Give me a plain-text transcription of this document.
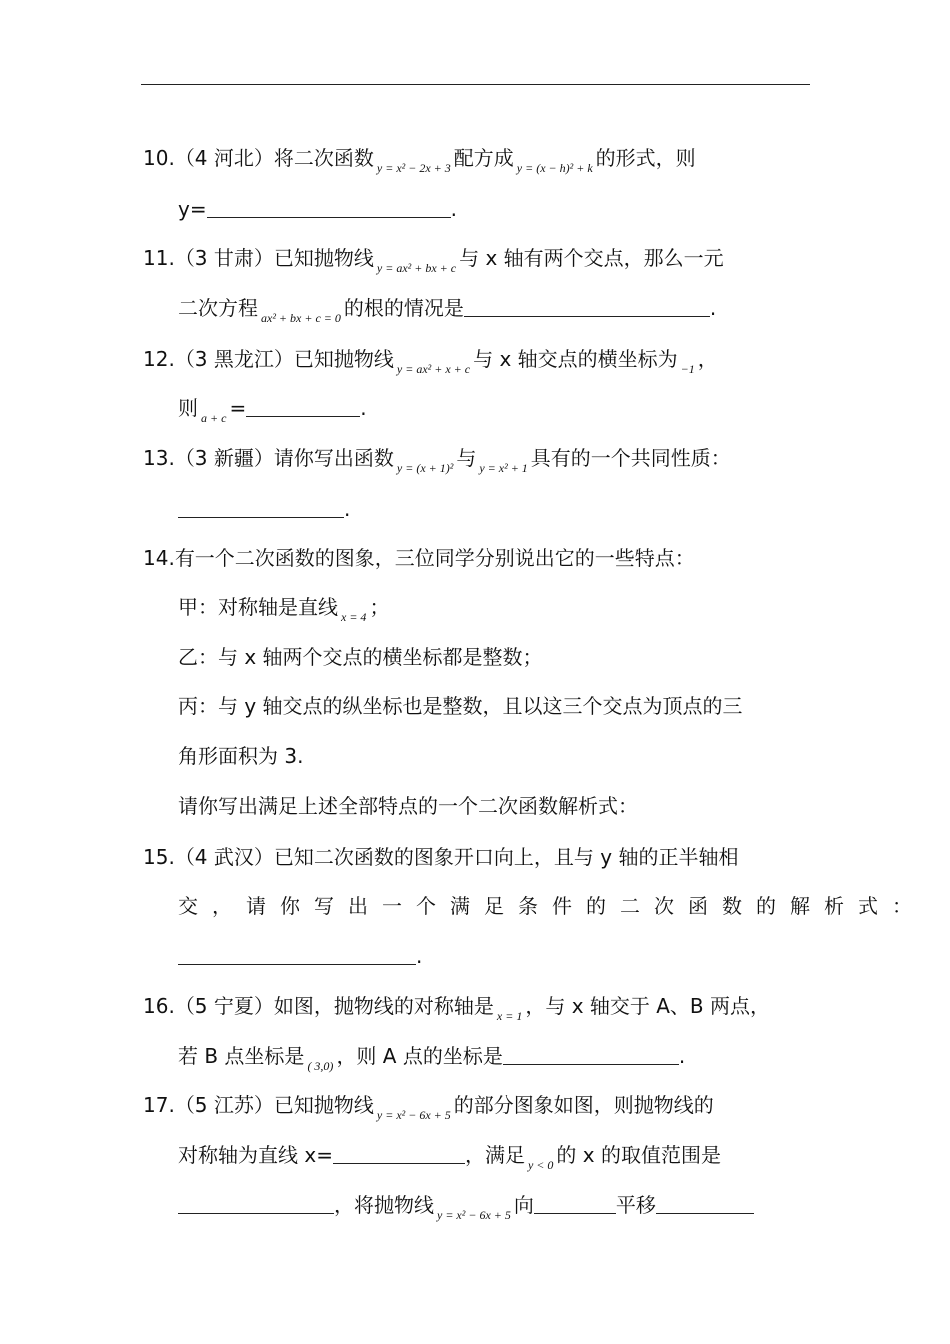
10.（4 河北）将二次函数 $_{y = x^2 - 2x + 3}$ 配方成 $_{y = (x - h)^2 + k}$ 的形式，则
y=	.
11.（3 甘肃）已知抛物线 $_{y = ax^2 + bx + c}$ 与 x 轴有两个交点，那么一元
二次方程 $_{ax^2 + bx + c = 0}$ 的根的情况是	.
12.（3 黑龙江）已知抛物线 $_{y = ax^2 + x + c}$ 与 x 轴交点的横坐标为 $_{-1}$ ，
则 $_{a + c}$ =	.
13.（3 新疆）请你写出函数 $_{y = (x + 1)^2}$ 与 $_{y = x^2 + 1}$ 具有的一个共同性质：
.
14.有一个二次函数的图象，三位同学分别说出它的一些特点：
甲：对称轴是直线 $_{x = 4}$ ；
乙：与 x 轴两个交点的横坐标都是整数；
丙：与 y 轴交点的纵坐标也是整数，且以这三个交点为顶点的三
角形面积为 3.
请你写出满足上述全部特点的一个二次函数解析式：
15.（4 武汉）已知二次函数的图象开口向上，且与 y 轴的正半轴相
交，请你写出一个满足条件的二次函数的解析式：
.
16.（5 宁夏）如图，抛物线的对称轴是 $_{x = 1}$ ，与 x 轴交于 A、B 两点，
若 B 点坐标是 $_{( 3,0)}$ ，则 A 点的坐标是	.
17.（5 江苏）已知抛物线 $_{y = x^2 - 6x + 5}$ 的部分图象如图，则抛物线的
对称轴为直线 x=	，满足 $_{y < 0}$ 的 x 的取值范围是
，将抛物线 $_{y = x^2 - 6x + 5}$ 向	平移
